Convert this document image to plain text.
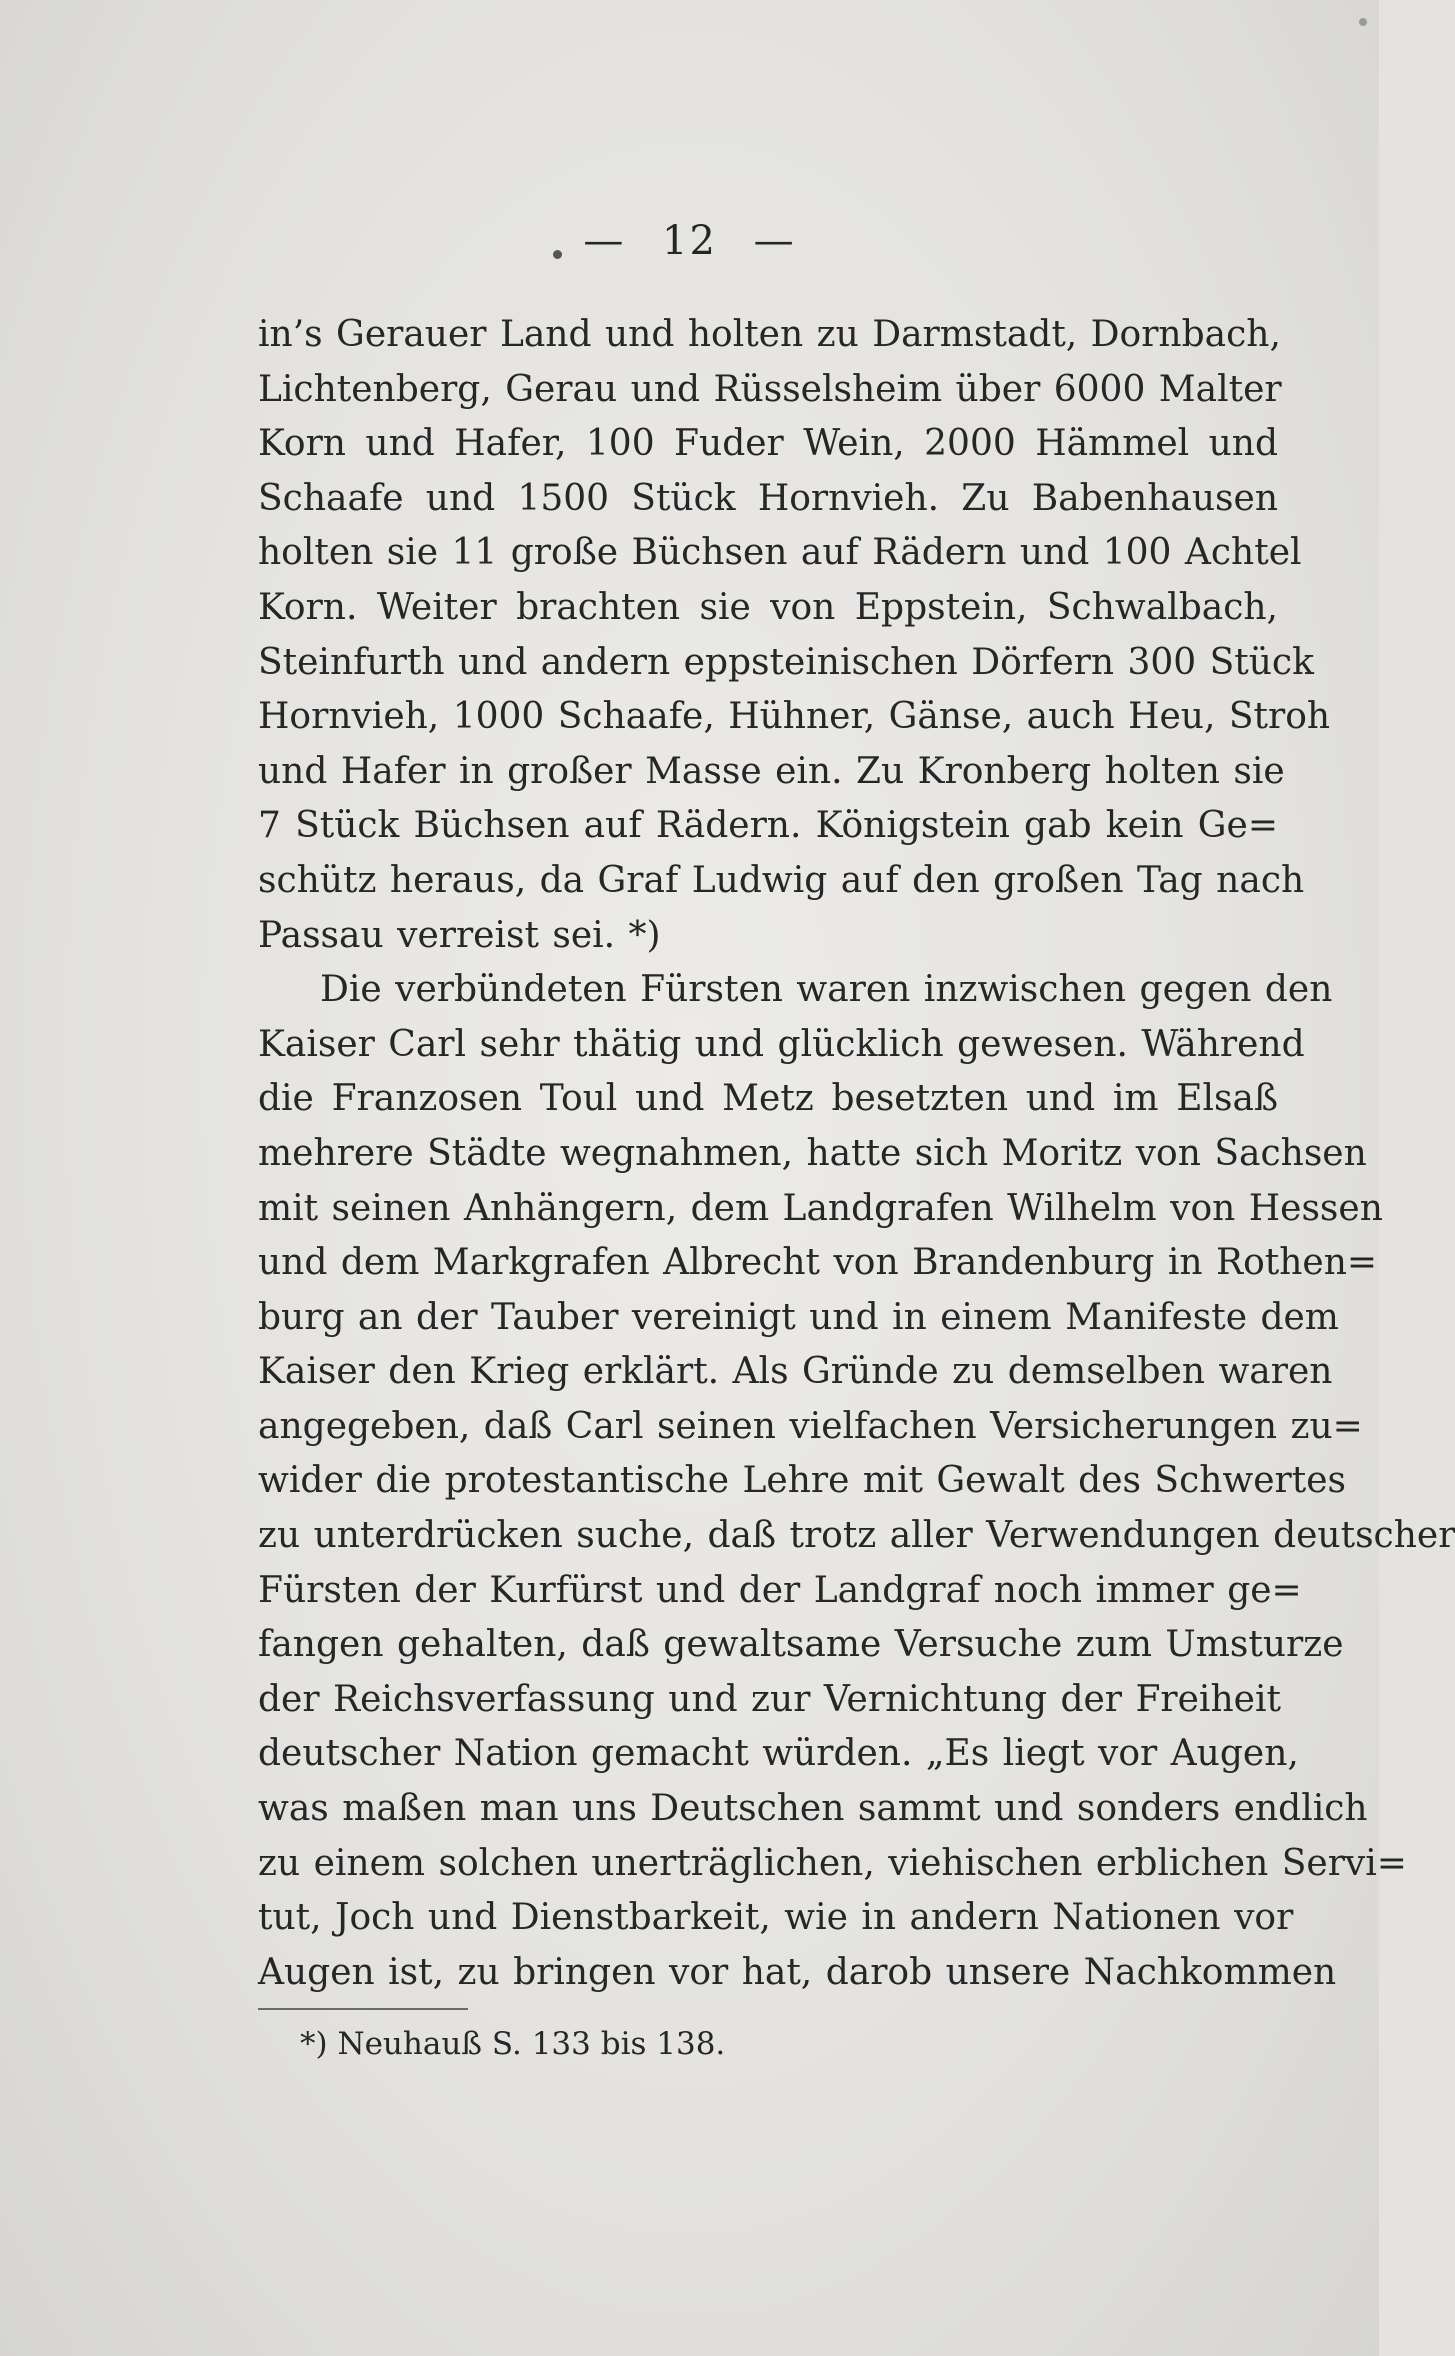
— 12 —
in’s Gerauer Land und holten zu Darmstadt, Dornbach,
Lichtenberg, Gerau und Rüsselsheim über 6000 Malter
Korn und Hafer, 100 Fuder Wein, 2000 Hämmel und
Schaafe und 1500 Stück Hornvieh. Zu Babenhausen
holten sie 11 große Büchsen auf Rädern und 100 Achtel
Korn. Weiter brachten sie von Eppstein, Schwalbach,
Steinfurth und andern eppsteinischen Dörfern 300 Stück
Hornvieh, 1000 Schaafe, Hühner, Gänse, auch Heu, Stroh
und Hafer in großer Masse ein. Zu Kronberg holten sie
7 Stück Büchsen auf Rädern. Königstein gab kein Ge=
schütz heraus, da Graf Ludwig auf den großen Tag nach
Passau verreist sei. *)
Die verbündeten Fürsten waren inzwischen gegen den
Kaiser Carl sehr thätig und glücklich gewesen. Während
die Franzosen Toul und Metz besetzten und im Elsaß
mehrere Städte wegnahmen, hatte sich Moritz von Sachsen
mit seinen Anhängern, dem Landgrafen Wilhelm von Hessen
und dem Markgrafen Albrecht von Brandenburg in Rothen=
burg an der Tauber vereinigt und in einem Manifeste dem
Kaiser den Krieg erklärt. Als Gründe zu demselben waren
angegeben, daß Carl seinen vielfachen Versicherungen zu=
wider die protestantische Lehre mit Gewalt des Schwertes
zu unterdrücken suche, daß trotz aller Verwendungen deutscher
Fürsten der Kurfürst und der Landgraf noch immer ge=
fangen gehalten, daß gewaltsame Versuche zum Umsturze
der Reichsverfassung und zur Vernichtung der Freiheit
deutscher Nation gemacht würden. „Es liegt vor Augen,
was maßen man uns Deutschen sammt und sonders endlich
zu einem solchen unerträglichen, viehischen erblichen Servi=
tut, Joch und Dienstbarkeit, wie in andern Nationen vor
Augen ist, zu bringen vor hat, darob unsere Nachkommen
*) Neuhauß S. 133 bis 138.
